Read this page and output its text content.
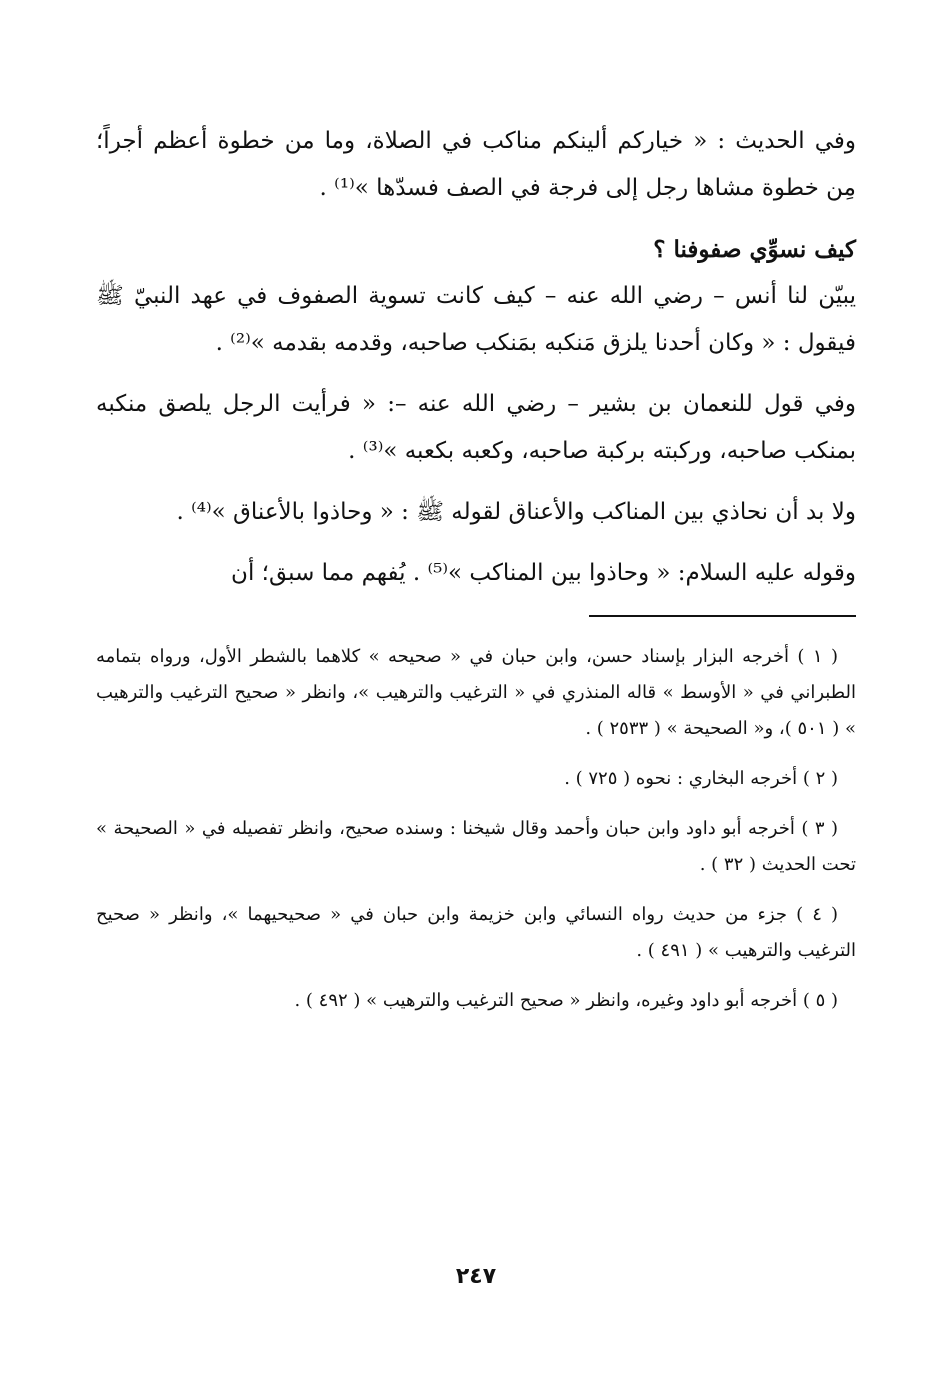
وفي الحديث : « خياركم ألينكم مناكب في الصلاة، وما من خطوة أعظم أجراً؛ مِن خطوة مشاها رجل إلى فرجة في الصف فسدّها »⁽¹⁾ .

كيف نسوِّي صفوفنا ؟

يبيّن لنا أنس – رضي الله عنه – كيف كانت تسوية الصفوف في عهد النبيّ ﷺ فيقول : « وكان أحدنا يلزق مَنكبه بمَنكب صاحبه، وقدمه بقدمه »⁽²⁾ .

وفي قول للنعمان بن بشير – رضي الله عنه –: « فرأيت الرجل يلصق منكبه بمنكب صاحبه، وركبته بركبة صاحبه، وكعبه بكعبه »⁽³⁾ .

ولا بد أن نحاذي بين المناكب والأعناق لقوله ﷺ : « وحاذوا بالأعناق »⁽⁴⁾ .

وقوله عليه السلام: « وحاذوا بين المناكب »⁽⁵⁾ . يُفهم مما سبق؛ أن

( ١ ) أخرجه البزار بإسناد حسن، وابن حبان في « صحيحه » كلاهما بالشطر الأول، ورواه بتمامه الطبراني في « الأوسط » قاله المنذري في « الترغيب والترهيب »، وانظر « صحيح الترغيب والترهيب » ( ٥٠١ )، و« الصحيحة » ( ٢٥٣٣ ) .

( ٢ ) أخرجه البخاري : نحوه ( ٧٢٥ ) .

( ٣ ) أخرجه أبو داود وابن حبان وأحمد وقال شيخنا : وسنده صحيح، وانظر تفصيله في « الصحيحة » تحت الحديث ( ٣٢ ) .

( ٤ ) جزء من حديث رواه النسائي وابن خزيمة وابن حبان في « صحيحيهما »، وانظر « صحيح الترغيب والترهيب » ( ٤٩١ ) .

( ٥ ) أخرجه أبو داود وغيره، وانظر « صحيح الترغيب والترهيب » ( ٤٩٢ ) .

٢٤٧
